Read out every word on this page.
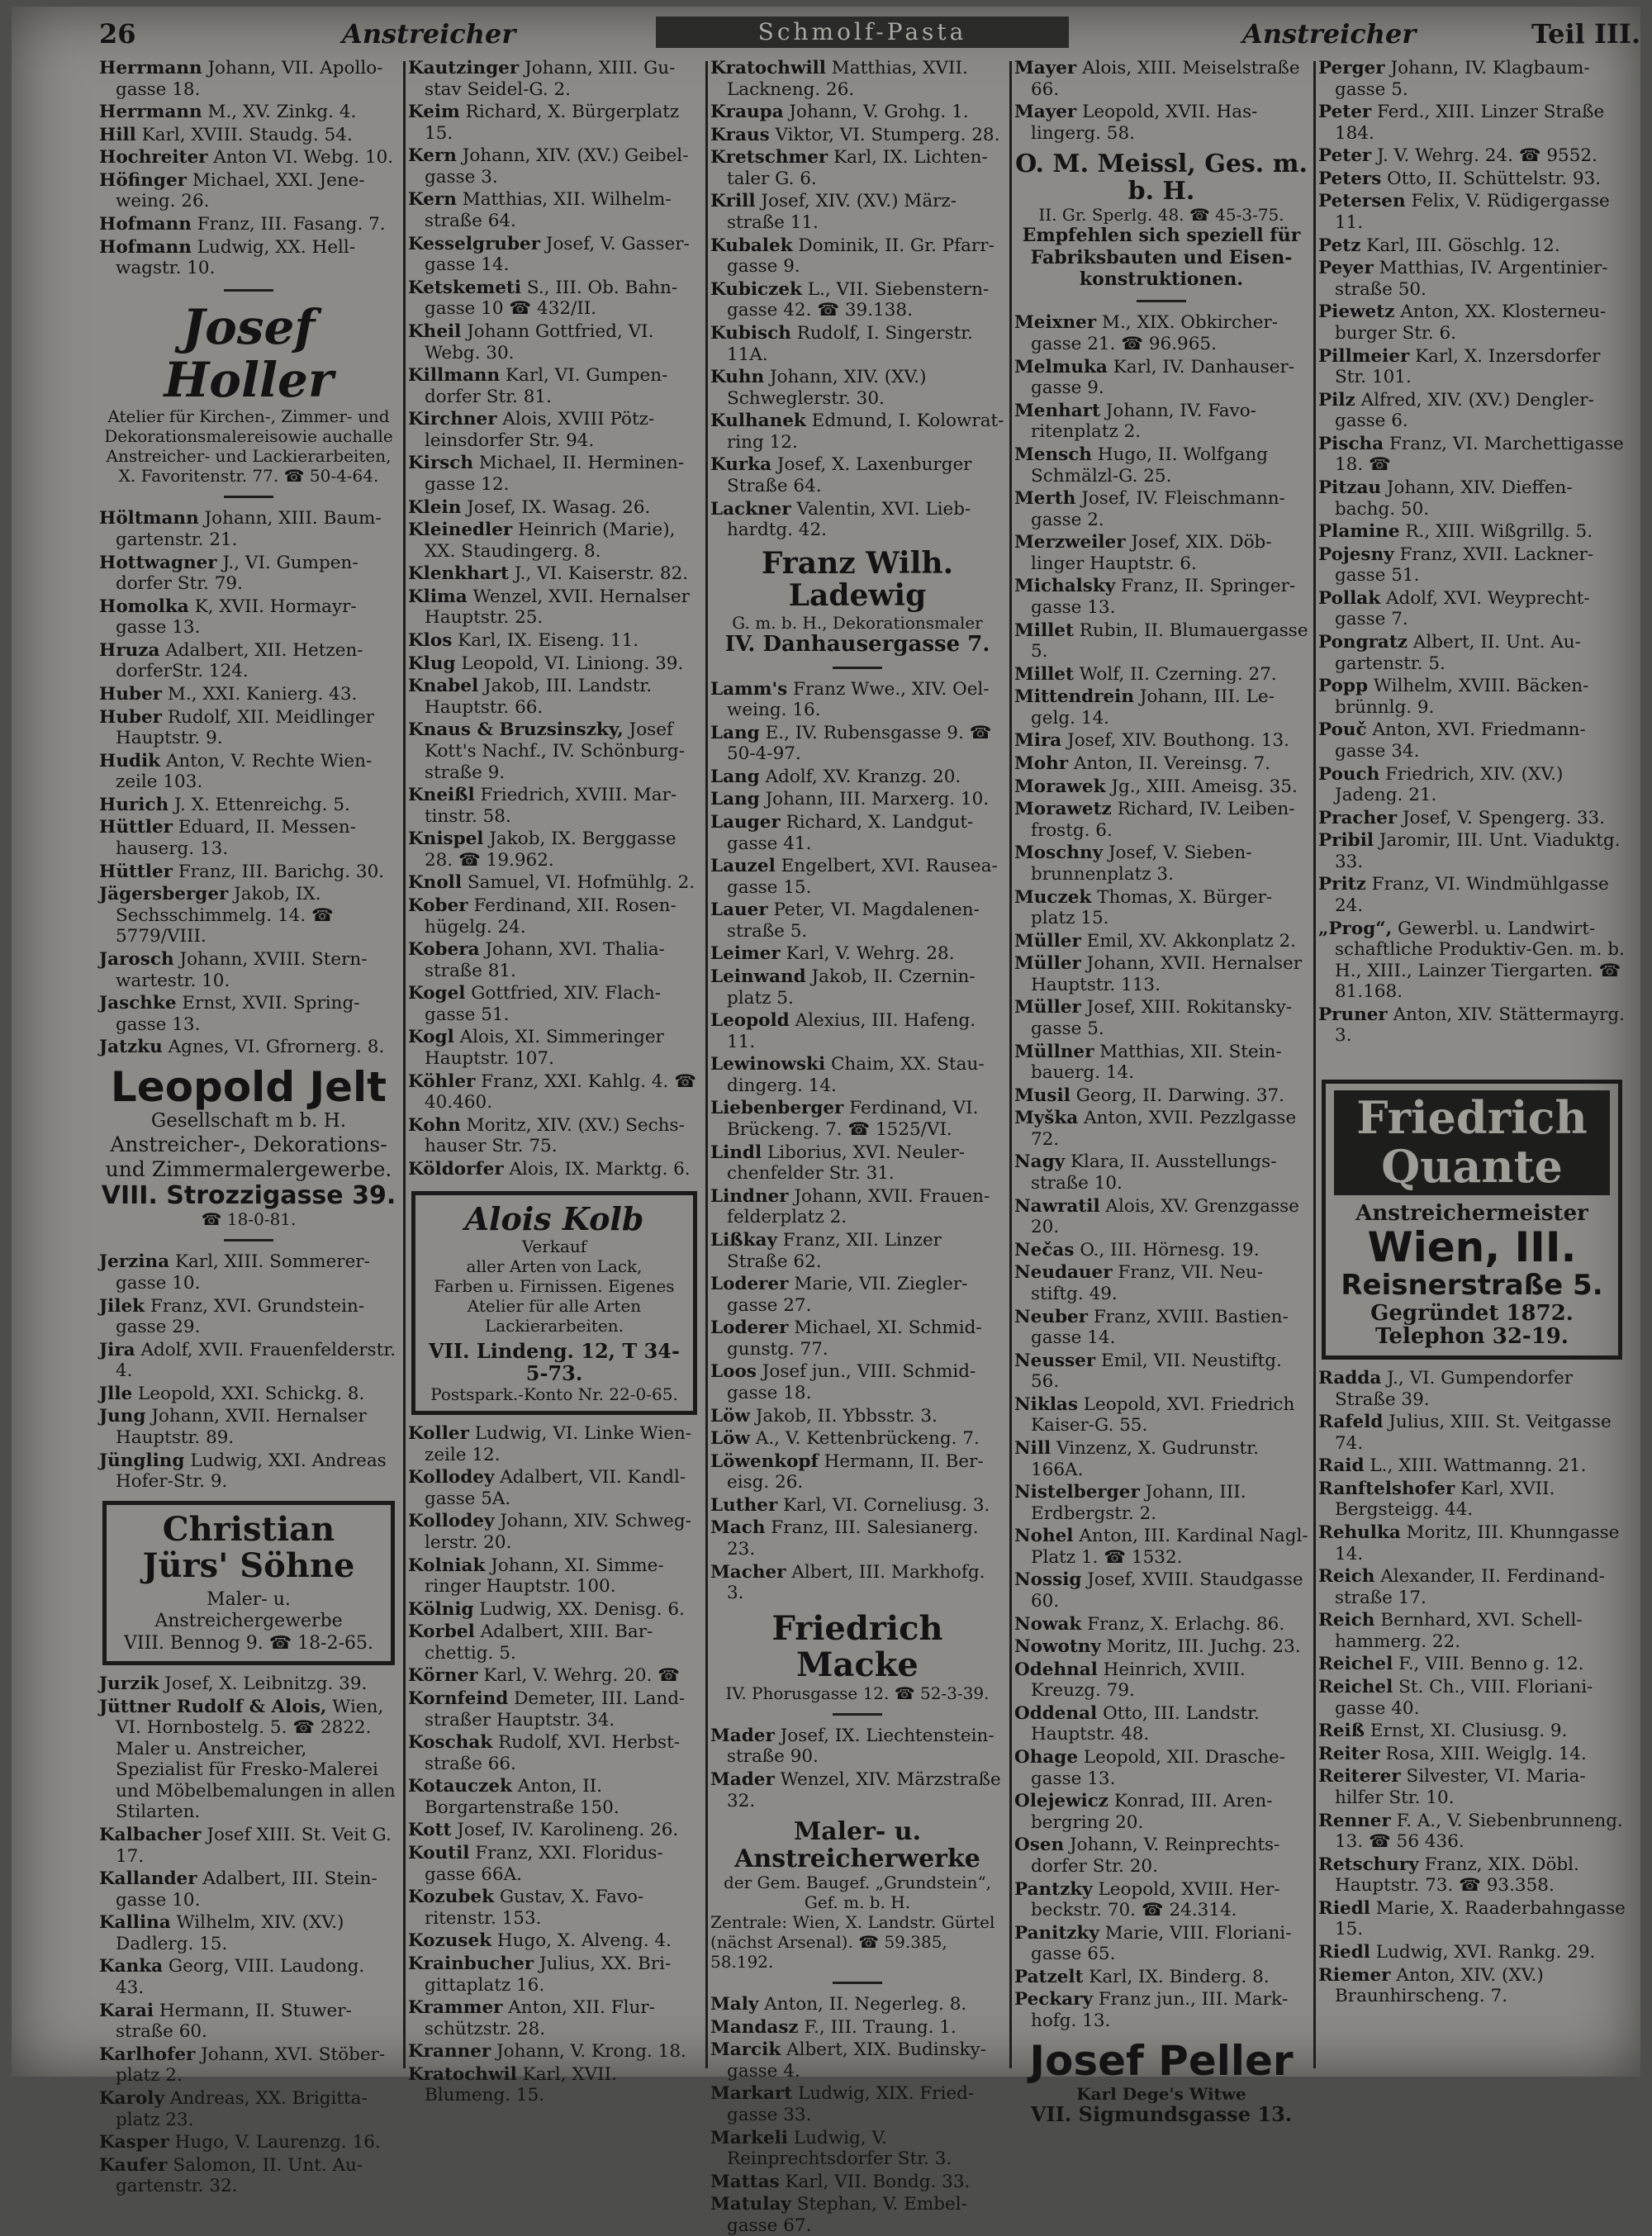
26	Anstreicher	Schmolf-Pasta	Anstreicher	Teil III.
Herrmann Johann, VII. Apollogasse 18.
Herrmann M., XV. Zinkg. 4.
Hill Karl, XVIII. Staudg. 54.
Hochreiter Anton VI. Webg. 10.
Höfinger Michael, XXI. Jeneweing. 26.
Hofmann Franz, III. Fasang. 7.
Hofmann Ludwig, XX. Hellwagstr. 10.
Josef Holler
Atelier für Kirchen-, Zimmer- und
Dekorationsmalereisowie auchalle
Anstreicher- und Lackierarbeiten,
X. Favoritenstr. 77. ☎ 50-4-64.
Höltmann Johann, XIII. Baumgartenstr. 21.
Hottwagner J., VI. Gumpendorfer Str. 79.
Homolka K, XVII. Hormayrgasse 13.
Hruza Adalbert, XII. HetzendorferStr. 124.
Huber M., XXI. Kanierg. 43.
Huber Rudolf, XII. Meidlinger Hauptstr. 9.
Hudik Anton, V. Rechte Wienzeile 103.
Hurich J. X. Ettenreichg. 5.
Hüttler Eduard, II. Messenhauserg. 13.
Hüttler Franz, III. Barichg. 30.
Jägersberger Jakob, IX. Sechsschimmelg. 14. ☎ 5779/VIII.
Jarosch Johann, XVIII. Sternwartestr. 10.
Jaschke Ernst, XVII. Springgasse 13.
Jatzku Agnes, VI. Gfrornerg. 8.
Leopold Jelt
Gesellschaft m b. H.
Anstreicher-, Dekorations-
und Zimmermalergewerbe.
VIII. Strozzigasse 39.
☎ 18-0-81.
Jerzina Karl, XIII. Sommerergasse 10.
Jilek Franz, XVI. Grundsteingasse 29.
Jira Adolf, XVII. Frauenfelderstr. 4.
Jlle Leopold, XXI. Schickg. 8.
Jung Johann, XVII. Hernalser Hauptstr. 89.
Jüngling Ludwig, XXI. Andreas Hofer-Str. 9.
Christian Jürs' Söhne
Maler- u. Anstreichergewerbe
VIII. Bennog 9. ☎ 18-2-65.
Jurzik Josef, X. Leibnitzg. 39.
Jüttner Rudolf & Alois, Wien, VI. Hornbostelg. 5. ☎ 2822. Maler u. Anstreicher, Spezialist für Fresko-Malerei und Möbelbemalungen in allen Stilarten.
Kalbacher Josef XIII. St. Veit G. 17.
Kallander Adalbert, III. Steingasse 10.
Kallina Wilhelm, XIV. (XV.) Dadlerg. 15.
Kanka Georg, VIII. Laudong. 43.
Karai Hermann, II. Stuwerstraße 60.
Karlhofer Johann, XVI. Stöberplatz 2.
Karoly Andreas, XX. Brigittaplatz 23.
Kasper Hugo, V. Laurenzg. 16.
Kaufer Salomon, II. Unt. Augartenstr. 32.
Kautzinger Johann, XIII. Gustav Seidel-G. 2.
Keim Richard, X. Bürgerplatz 15.
Kern Johann, XIV. (XV.) Geibelgasse 3.
Kern Matthias, XII. Wilhelmstraße 64.
Kesselgruber Josef, V. Gassergasse 14.
Ketskemeti S., III. Ob. Bahngasse 10 ☎ 432/II.
Kheil Johann Gottfried, VI. Webg. 30.
Killmann Karl, VI. Gumpendorfer Str. 81.
Kirchner Alois, XVIII Pötzleinsdorfer Str. 94.
Kirsch Michael, II. Herminengasse 12.
Klein Josef, IX. Wasag. 26.
Kleinedler Heinrich (Marie), XX. Staudingerg. 8.
Klenkhart J., VI. Kaiserstr. 82.
Klima Wenzel, XVII. Hernalser Hauptstr. 25.
Klos Karl, IX. Eiseng. 11.
Klug Leopold, VI. Liniong. 39.
Knabel Jakob, III. Landstr. Hauptstr. 66.
Knaus & Bruzsinszky, Josef Kott's Nachf., IV. Schönburgstraße 9.
Kneißl Friedrich, XVIII. Martinstr. 58.
Knispel Jakob, IX. Berggasse 28. ☎ 19.962.
Knoll Samuel, VI. Hofmühlg. 2.
Kober Ferdinand, XII. Rosenhügelg. 24.
Kobera Johann, XVI. Thaliastraße 81.
Kogel Gottfried, XIV. Flachgasse 51.
Kogl Alois, XI. Simmeringer Hauptstr. 107.
Köhler Franz, XXI. Kahlg. 4. ☎ 40.460.
Kohn Moritz, XIV. (XV.) Sechshauser Str. 75.
Köldorfer Alois, IX. Marktg. 6.
Alois Kolb
Verkauf
aller Arten von Lack,
Farben u. Firnissen. Eigenes
Atelier für alle Arten
Lackierarbeiten.
VII. Lindeng. 12, T 34-5-73.
Postspark.-Konto Nr. 22-0-65.
Koller Ludwig, VI. Linke Wienzeile 12.
Kollodey Adalbert, VII. Kandlgasse 5A.
Kollodey Johann, XIV. Schweglerstr. 20.
Kolniak Johann, XI. Simmeringer Hauptstr. 100.
Kölnig Ludwig, XX. Denisg. 6.
Korbel Adalbert, XIII. Barchettig. 5.
Körner Karl, V. Wehrg. 20. ☎
Kornfeind Demeter, III. Landstraßer Hauptstr. 34.
Koschak Rudolf, XVI. Herbststraße 66.
Kotauczek Anton, II. Borgartenstraße 150.
Kott Josef, IV. Karolineng. 26.
Koutil Franz, XXI. Floridusgasse 66A.
Kozubek Gustav, X. Favoritenstr. 153.
Kozusek Hugo, X. Alveng. 4.
Krainbucher Julius, XX. Brigittaplatz 16.
Krammer Anton, XII. Flurschützstr. 28.
Kranner Johann, V. Krong. 18.
Kratochwil Karl, XVII. Blumeng. 15.
Kratochwill Matthias, XVII. Lackneng. 26.
Kraupa Johann, V. Grohg. 1.
Kraus Viktor, VI. Stumperg. 28.
Kretschmer Karl, IX. Lichtentaler G. 6.
Krill Josef, XIV. (XV.) Märzstraße 11.
Kubalek Dominik, II. Gr. Pfarrgasse 9.
Kubiczek L., VII. Siebensterngasse 42. ☎ 39.138.
Kubisch Rudolf, I. Singerstr. 11A.
Kuhn Johann, XIV. (XV.) Schweglerstr. 30.
Kulhanek Edmund, I. Kolowratring 12.
Kurka Josef, X. Laxenburger Straße 64.
Lackner Valentin, XVI. Liebhardtg. 42.
Franz Wilh. Ladewig
G. m. b. H., Dekorationsmaler
IV. Danhausergasse 7.
Lamm's Franz Wwe., XIV. Oelweing. 16.
Lang E., IV. Rubensgasse 9. ☎ 50-4-97.
Lang Adolf, XV. Kranzg. 20.
Lang Johann, III. Marxerg. 10.
Lauger Richard, X. Landgutgasse 41.
Lauzel Engelbert, XVI. Rauseagasse 15.
Lauer Peter, VI. Magdalenenstraße 5.
Leimer Karl, V. Wehrg. 28.
Leinwand Jakob, II. Czerninplatz 5.
Leopold Alexius, III. Hafeng. 11.
Lewinowski Chaim, XX. Staudingerg. 14.
Liebenberger Ferdinand, VI. Brückeng. 7. ☎ 1525/VI.
Lindl Liborius, XVI. Neulerchenfelder Str. 31.
Lindner Johann, XVII. Frauenfelderplatz 2.
Lißkay Franz, XII. Linzer Straße 62.
Loderer Marie, VII. Zieglergasse 27.
Loderer Michael, XI. Schmidgunstg. 77.
Loos Josef jun., VIII. Schmidgasse 18.
Löw Jakob, II. Ybbsstr. 3.
Löw A., V. Kettenbrückeng. 7.
Löwenkopf Hermann, II. Bereisg. 26.
Luther Karl, VI. Corneliusg. 3.
Mach Franz, III. Salesianerg. 23.
Macher Albert, III. Markhofg. 3.
Friedrich Macke
IV. Phorusgasse 12. ☎ 52-3-39.
Mader Josef, IX. Liechtensteinstraße 90.
Mader Wenzel, XIV. Märzstraße 32.
Maler- u. Anstreicherwerke
der Gem. Baugef. „Grundstein“,
Gef. m. b. H.
Zentrale: Wien, X. Landstr. Gürtel (nächst Arsenal). ☎ 59.385, 58.192.
Maly Anton, II. Negerleg. 8.
Mandasz F., III. Traung. 1.
Marcik Albert, XIX. Budinskygasse 4.
Markart Ludwig, XIX. Friedgasse 33.
Markeli Ludwig, V. Reinprechtsdorfer Str. 3.
Mattas Karl, VII. Bondg. 33.
Matulay Stephan, V. Embelgasse 67.
Mayer Alois, XIII. Meiselstraße 66.
Mayer Leopold, XVII. Haslingerg. 58.
O. M. Meissl, Ges. m. b. H.
II. Gr. Sperlg. 48. ☎ 45-3-75.
Empfehlen sich speziell für Fabriksbauten und Eisenkonstruktionen.
Meixner M., XIX. Obkirchergasse 21. ☎ 96.965.
Melmuka Karl, IV. Danhausergasse 9.
Menhart Johann, IV. Favoritenplatz 2.
Mensch Hugo, II. Wolfgang Schmälzl-G. 25.
Merth Josef, IV. Fleischmanngasse 2.
Merzweiler Josef, XIX. Döblinger Hauptstr. 6.
Michalsky Franz, II. Springergasse 13.
Millet Rubin, II. Blumauergasse 5.
Millet Wolf, II. Czerning. 27.
Mittendrein Johann, III. Legelg. 14.
Mira Josef, XIV. Bouthong. 13.
Mohr Anton, II. Vereinsg. 7.
Morawek Jg., XIII. Ameisg. 35.
Morawetz Richard, IV. Leibenfrostg. 6.
Moschny Josef, V. Siebenbrunnenplatz 3.
Muczek Thomas, X. Bürgerplatz 15.
Müller Emil, XV. Akkonplatz 2.
Müller Johann, XVII. Hernalser Hauptstr. 113.
Müller Josef, XIII. Rokitanskygasse 5.
Müllner Matthias, XII. Steinbauerg. 14.
Musil Georg, II. Darwing. 37.
Myška Anton, XVII. Pezzlgasse 72.
Nagy Klara, II. Ausstellungsstraße 10.
Nawratil Alois, XV. Grenzgasse 20.
Nečas O., III. Hörnesg. 19.
Neudauer Franz, VII. Neustiftg. 49.
Neuber Franz, XVIII. Bastiengasse 14.
Neusser Emil, VII. Neustiftg. 56.
Niklas Leopold, XVI. Friedrich Kaiser-G. 55.
Nill Vinzenz, X. Gudrunstr. 166A.
Nistelberger Johann, III. Erdbergstr. 2.
Nohel Anton, III. Kardinal Nagl-Platz 1. ☎ 1532.
Nossig Josef, XVIII. Staudgasse 60.
Nowak Franz, X. Erlachg. 86.
Nowotny Moritz, III. Juchg. 23.
Odehnal Heinrich, XVIII. Kreuzg. 79.
Oddenal Otto, III. Landstr. Hauptstr. 48.
Ohage Leopold, XII. Draschegasse 13.
Olejewicz Konrad, III. Arenbergring 20.
Osen Johann, V. Reinprechtsdorfer Str. 20.
Pantzky Leopold, XVIII. Herbeckstr. 70. ☎ 24.314.
Panitzky Marie, VIII. Florianigasse 65.
Patzelt Karl, IX. Binderg. 8.
Peckary Franz jun., III. Markhofg. 13.
Josef Peller
Karl Dege's Witwe
VII. Sigmundsgasse 13.
Perger Johann, IV. Klagbaumgasse 5.
Peter Ferd., XIII. Linzer Straße 184.
Peter J. V. Wehrg. 24. ☎ 9552.
Peters Otto, II. Schüttelstr. 93.
Petersen Felix, V. Rüdigergasse 11.
Petz Karl, III. Göschlg. 12.
Peyer Matthias, IV. Argentinierstraße 50.
Piewetz Anton, XX. Klosterneuburger Str. 6.
Pillmeier Karl, X. Inzersdorfer Str. 101.
Pilz Alfred, XIV. (XV.) Denglergasse 6.
Pischa Franz, VI. Marchettigasse 18. ☎
Pitzau Johann, XIV. Dieffenbachg. 50.
Plamine R., XIII. Wißgrillg. 5.
Pojesny Franz, XVII. Lacknergasse 51.
Pollak Adolf, XVI. Weyprechtgasse 7.
Pongratz Albert, II. Unt. Augartenstr. 5.
Popp Wilhelm, XVIII. Bäckenbrünnlg. 9.
Pouč Anton, XVI. Friedmanngasse 34.
Pouch Friedrich, XIV. (XV.) Jadeng. 21.
Pracher Josef, V. Spengerg. 33.
Pribil Jaromir, III. Unt. Viaduktg. 33.
Pritz Franz, VI. Windmühlgasse 24.
„Prog“, Gewerbl. u. Landwirtschaftliche Produktiv-Gen. m. b. H., XIII., Lainzer Tiergarten. ☎ 81.168.
Pruner Anton, XIV. Stättermayrg. 3.
Friedrich Quante
Anstreichermeister
Wien, III.
Reisnerstraße 5.
Gegründet 1872.
Telephon 32-19.
Radda J., VI. Gumpendorfer Straße 39.
Rafeld Julius, XIII. St. Veitgasse 74.
Raid L., XIII. Wattmanng. 21.
Ranftelshofer Karl, XVII. Bergsteigg. 44.
Rehulka Moritz, III. Khunngasse 14.
Reich Alexander, II. Ferdinandstraße 17.
Reich Bernhard, XVI. Schellhammerg. 22.
Reichel F., VIII. Benno g. 12.
Reichel St. Ch., VIII. Florianigasse 40.
Reiß Ernst, XI. Clusiusg. 9.
Reiter Rosa, XIII. Weiglg. 14.
Reiterer Silvester, VI. Mariahilfer Str. 10.
Renner F. A., V. Siebenbrunneng. 13. ☎ 56 436.
Retschury Franz, XIX. Döbl. Hauptstr. 73. ☎ 93.358.
Riedl Marie, X. Raaderbahngasse 15.
Riedl Ludwig, XVI. Rankg. 29.
Riemer Anton, XIV. (XV.) Braunhirscheng. 7.
